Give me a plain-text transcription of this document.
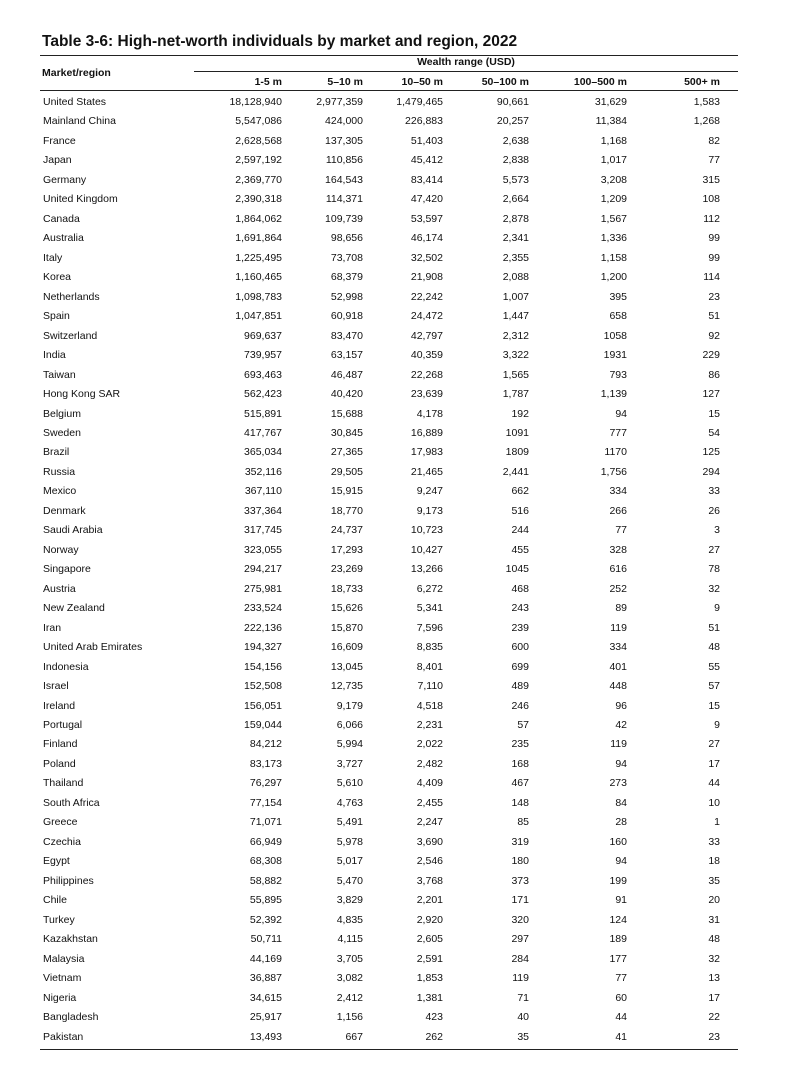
Table 3-6: High-net-worth individuals by market and region, 2022
Market/region
Wealth range (USD)
1-5 m	5–10 m	10–50 m	50–100 m	100–500 m	500+ m
United States	18,128,940	2,977,359	1,479,465	90,661	31,629	1,583
Mainland China	5,547,086	424,000	226,883	20,257	11,384	1,268
France	2,628,568	137,305	51,403	2,638	1,168	82
Japan	2,597,192	110,856	45,412	2,838	1,017	77
Germany	2,369,770	164,543	83,414	5,573	3,208	315
United Kingdom	2,390,318	114,371	47,420	2,664	1,209	108
Canada	1,864,062	109,739	53,597	2,878	1,567	112
Australia	1,691,864	98,656	46,174	2,341	1,336	99
Italy	1,225,495	73,708	32,502	2,355	1,158	99
Korea	1,160,465	68,379	21,908	2,088	1,200	114
Netherlands	1,098,783	52,998	22,242	1,007	395	23
Spain	1,047,851	60,918	24,472	1,447	658	51
Switzerland	969,637	83,470	42,797	2,312	1058	92
India	739,957	63,157	40,359	3,322	1931	229
Taiwan	693,463	46,487	22,268	1,565	793	86
Hong Kong SAR	562,423	40,420	23,639	1,787	1,139	127
Belgium	515,891	15,688	4,178	192	94	15
Sweden	417,767	30,845	16,889	1091	777	54
Brazil	365,034	27,365	17,983	1809	1170	125
Russia	352,116	29,505	21,465	2,441	1,756	294
Mexico	367,110	15,915	9,247	662	334	33
Denmark	337,364	18,770	9,173	516	266	26
Saudi Arabia	317,745	24,737	10,723	244	77	3
Norway	323,055	17,293	10,427	455	328	27
Singapore	294,217	23,269	13,266	1045	616	78
Austria	275,981	18,733	6,272	468	252	32
New Zealand	233,524	15,626	5,341	243	89	9
Iran	222,136	15,870	7,596	239	119	51
United Arab Emirates	194,327	16,609	8,835	600	334	48
Indonesia	154,156	13,045	8,401	699	401	55
Israel	152,508	12,735	7,110	489	448	57
Ireland	156,051	9,179	4,518	246	96	15
Portugal	159,044	6,066	2,231	57	42	9
Finland	84,212	5,994	2,022	235	119	27
Poland	83,173	3,727	2,482	168	94	17
Thailand	76,297	5,610	4,409	467	273	44
South Africa	77,154	4,763	2,455	148	84	10
Greece	71,071	5,491	2,247	85	28	1
Czechia	66,949	5,978	3,690	319	160	33
Egypt	68,308	5,017	2,546	180	94	18
Philippines	58,882	5,470	3,768	373	199	35
Chile	55,895	3,829	2,201	171	91	20
Turkey	52,392	4,835	2,920	320	124	31
Kazakhstan	50,711	4,115	2,605	297	189	48
Malaysia	44,169	3,705	2,591	284	177	32
Vietnam	36,887	3,082	1,853	119	77	13
Nigeria	34,615	2,412	1,381	71	60	17
Bangladesh	25,917	1,156	423	40	44	22
Pakistan	13,493	667	262	35	41	23
